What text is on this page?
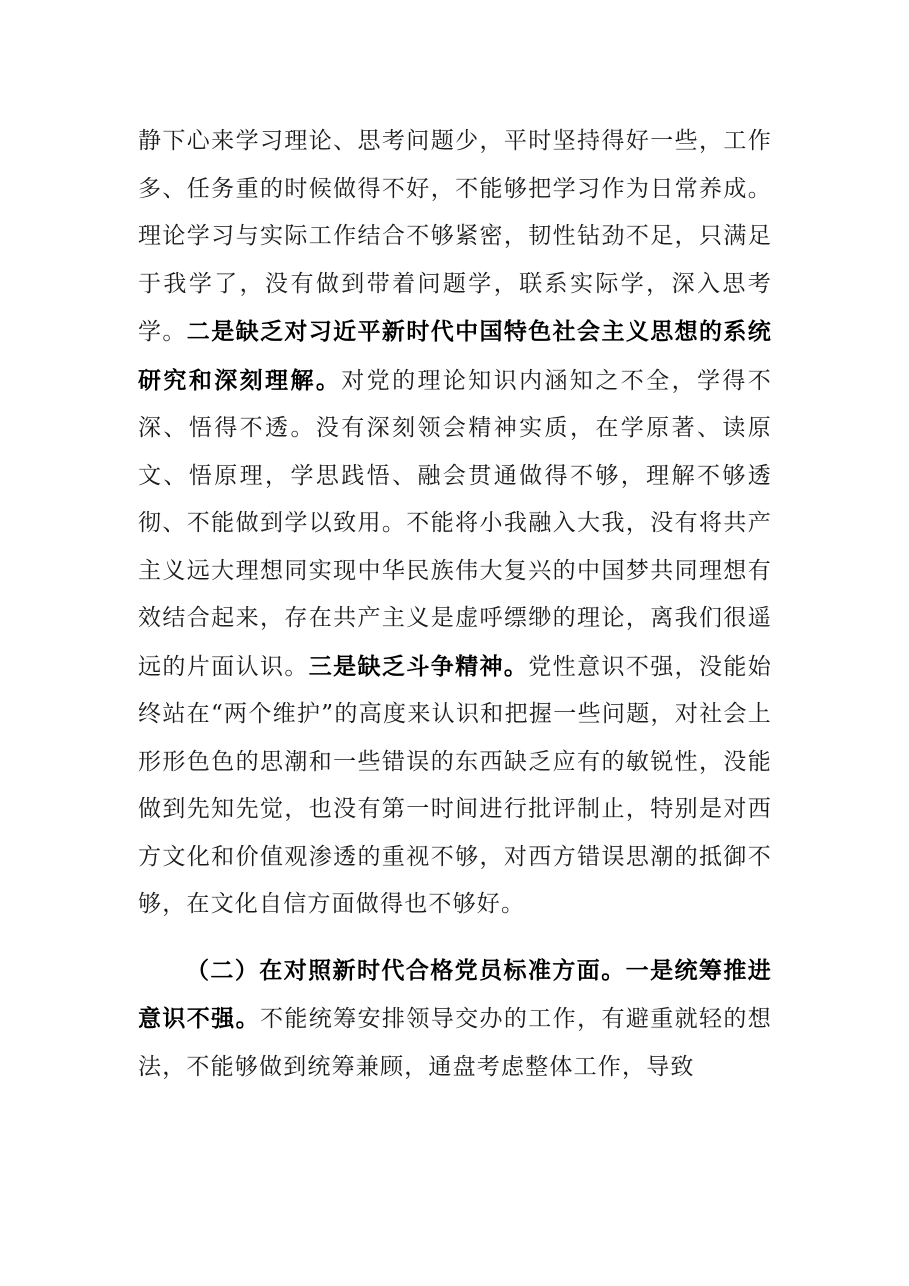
静下心来学习理论、思考问题少，平时坚持得好一些，工作多、任务重的时候做得不好，不能够把学习作为日常养成。理论学习与实际工作结合不够紧密，韧性钻劲不足，只满足于我学了，没有做到带着问题学，联系实际学，深入思考学。二是缺乏对习近平新时代中国特色社会主义思想的系统研究和深刻理解。对党的理论知识内涵知之不全，学得不深、悟得不透。没有深刻领会精神实质，在学原著、读原文、悟原理，学思践悟、融会贯通做得不够，理解不够透彻、不能做到学以致用。不能将小我融入大我，没有将共产主义远大理想同实现中华民族伟大复兴的中国梦共同理想有效结合起来，存在共产主义是虚呼缥缈的理论，离我们很遥远的片面认识。三是缺乏斗争精神。党性意识不强，没能始终站在“两个维护”的高度来认识和把握一些问题，对社会上形形色色的思潮和一些错误的东西缺乏应有的敏锐性，没能做到先知先觉，也没有第一时间进行批评制止，特别是对西方文化和价值观渗透的重视不够，对西方错误思潮的抵御不够，在文化自信方面做得也不够好。

（二）在对照新时代合格党员标准方面。一是统筹推进意识不强。不能统筹安排领导交办的工作，有避重就轻的想法，不能够做到统筹兼顾，通盘考虑整体工作，导致
